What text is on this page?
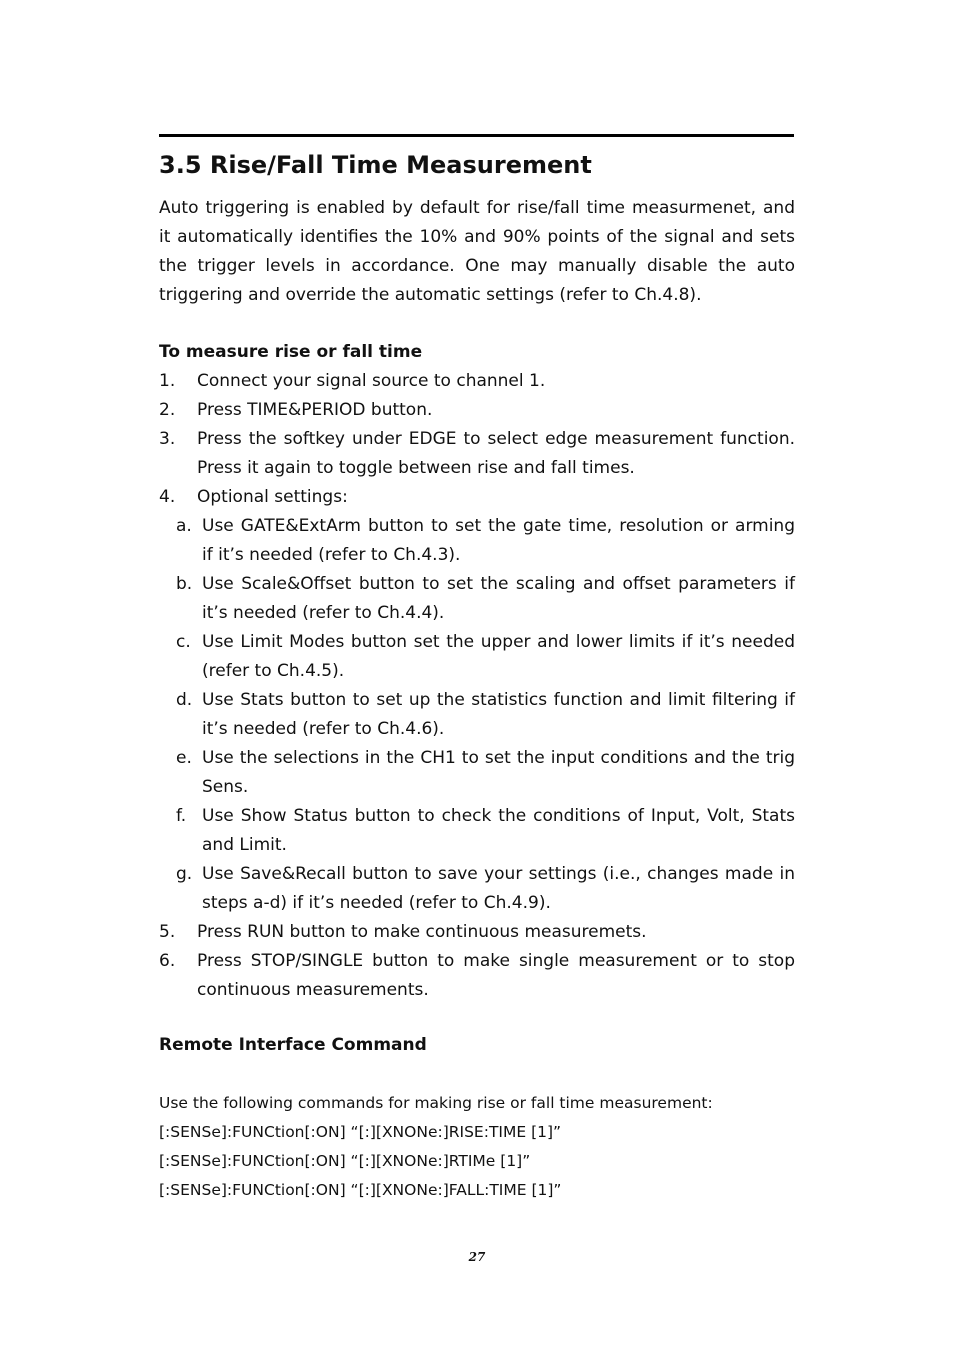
3.5 Rise/Fall Time Measurement

Auto triggering is enabled by default for rise/fall time measurmenet, and it automatically identifies the 10% and 90% points of the signal and sets the trigger levels in accordance. One may manually disable the auto triggering and override the automatic settings (refer to Ch.4.8).

To measure rise or fall time
1.	Connect your signal source to channel 1.
2.	Press TIME&PERIOD button.
3.	Press the softkey under EDGE to select edge measurement function. Press it again to toggle between rise and fall times.
4.	Optional settings:
a. Use GATE&ExtArm button to set the gate time, resolution or arming if it’s needed (refer to Ch.4.3).
b. Use Scale&Offset button to set the scaling and offset parameters if it’s needed (refer to Ch.4.4).
c. Use Limit Modes button set the upper and lower limits if it’s needed (refer to Ch.4.5).
d. Use Stats button to set up the statistics function and limit filtering if it’s needed (refer to Ch.4.6).
e. Use the selections in the CH1 to set the input conditions and the trig Sens.
f. Use Show Status button to check the conditions of Input, Volt, Stats and Limit.
g. Use Save&Recall button to save your settings (i.e., changes made in steps a-d) if it’s needed (refer to Ch.4.9).
5.	Press RUN button to make continuous measuremets.
6.	Press STOP/SINGLE button to make single measurement or to stop continuous measurements.
Remote Interface Command
Use the following commands for making rise or fall time measurement:
[:SENSe]:FUNCtion[:ON] “[:][XNONe:]RISE:TIME [1]”
[:SENSe]:FUNCtion[:ON] “[:][XNONe:]RTIMe [1]”
[:SENSe]:FUNCtion[:ON] “[:][XNONe:]FALL:TIME [1]”
27
